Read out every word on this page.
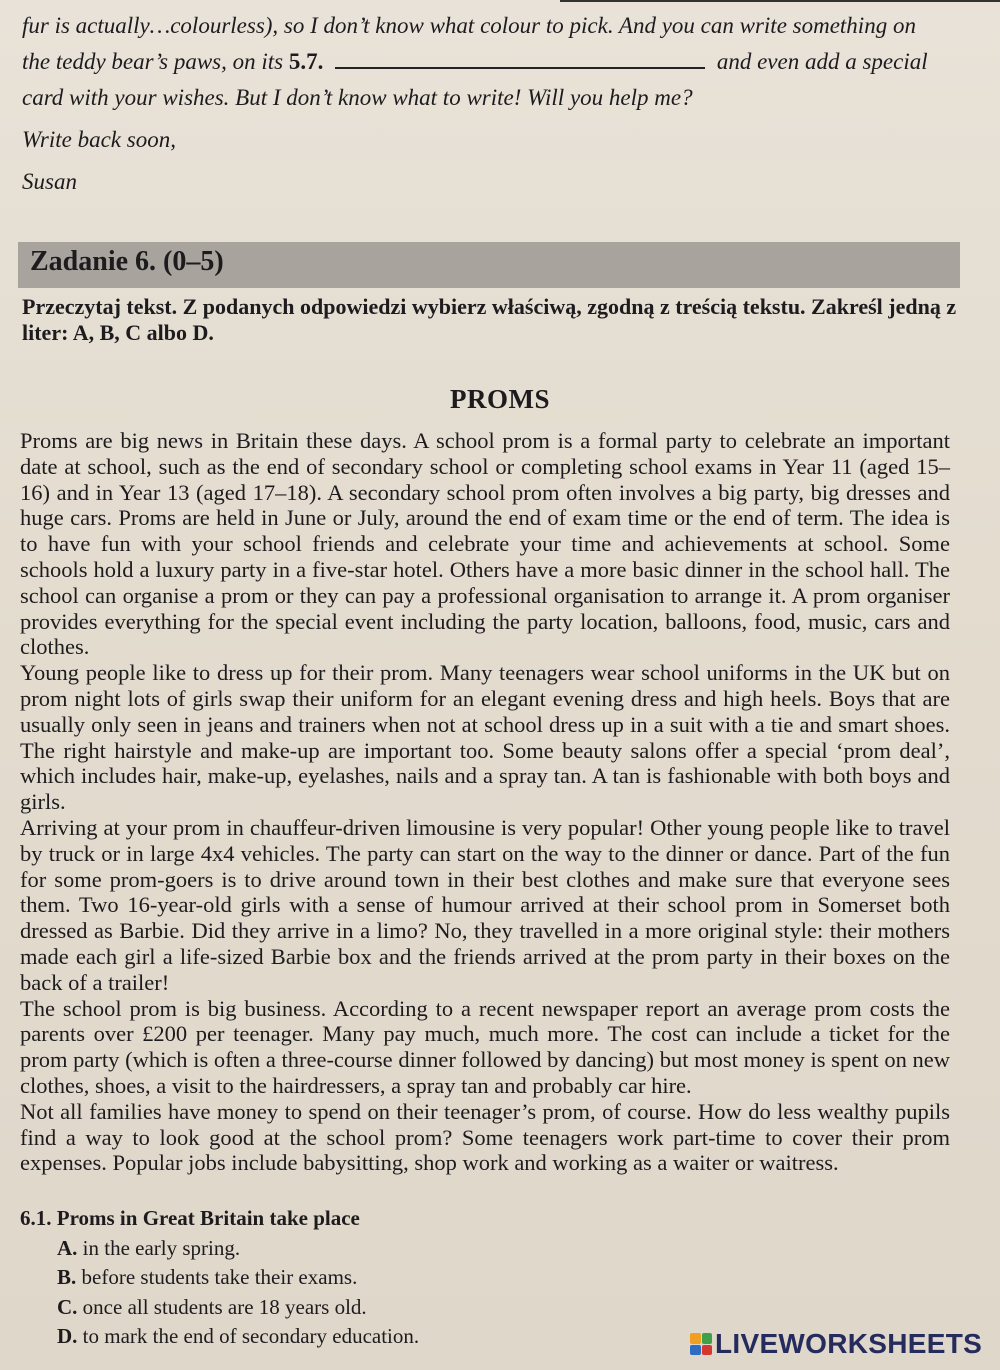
fur is actually…colourless), so I don’t know what colour to pick. And you can write something on

the teddy bear’s paws, on its 5.7.	and even add a special

card with your wishes. But I don’t know what to write! Will you help me?

Write back soon,

Susan

Zadanie 6. (0–5)
Przeczytaj tekst. Z podanych odpowiedzi wybierz właściwą, zgodną z treścią tekstu. Zakreśl jedną z liter: A, B, C albo D.
PROMS

Proms are big news in Britain these days. A school prom is a formal party to celebrate an important date at school, such as the end of secondary school or completing school exams in Year 11 (aged 15–16) and in Year 13 (aged 17–18). A secondary school prom often involves a big party, big dresses and huge cars. Proms are held in June or July, around the end of exam time or the end of term. The idea is to have fun with your school friends and celebrate your time and achievements at school. Some schools hold a luxury party in a five-star hotel. Others have a more basic dinner in the school hall. The school can organise a prom or they can pay a professional organisation to arrange it. A prom organiser provides everything for the special event including the party location, balloons, food, music, cars and clothes.

Young people like to dress up for their prom. Many teenagers wear school uniforms in the UK but on prom night lots of girls swap their uniform for an elegant evening dress and high heels. Boys that are usually only seen in jeans and trainers when not at school dress up in a suit with a tie and smart shoes. The right hairstyle and make-up are important too. Some beauty salons offer a special ‘prom deal’, which includes hair, make-up, eyelashes, nails and a spray tan. A tan is fashionable with both boys and girls.

Arriving at your prom in chauffeur-driven limousine is very popular! Other young people like to travel by truck or in large 4x4 vehicles. The party can start on the way to the dinner or dance. Part of the fun for some prom-goers is to drive around town in their best clothes and make sure that everyone sees them. Two 16-year-old girls with a sense of humour arrived at their school prom in Somerset both dressed as Barbie. Did they arrive in a limo? No, they travelled in a more original style: their mothers made each girl a life-sized Barbie box and the friends arrived at the prom party in their boxes on the back of a trailer!

The school prom is big business. According to a recent newspaper report an average prom costs the parents over £200 per teenager. Many pay much, much more. The cost can include a ticket for the prom party (which is often a three-course dinner followed by dancing) but most money is spent on new clothes, shoes, a visit to the hairdressers, a spray tan and probably car hire.

Not all families have money to spend on their teenager’s prom, of course. How do less wealthy pupils find a way to look good at the school prom? Some teenagers work part-time to cover their prom expenses. Popular jobs include babysitting, shop work and working as a waiter or waitress.

6.1. Proms in Great Britain take place
A. in the early spring.
B. before students take their exams.
C. once all students are 18 years old.
D. to mark the end of secondary education.	LIVEWORKSHEETS
